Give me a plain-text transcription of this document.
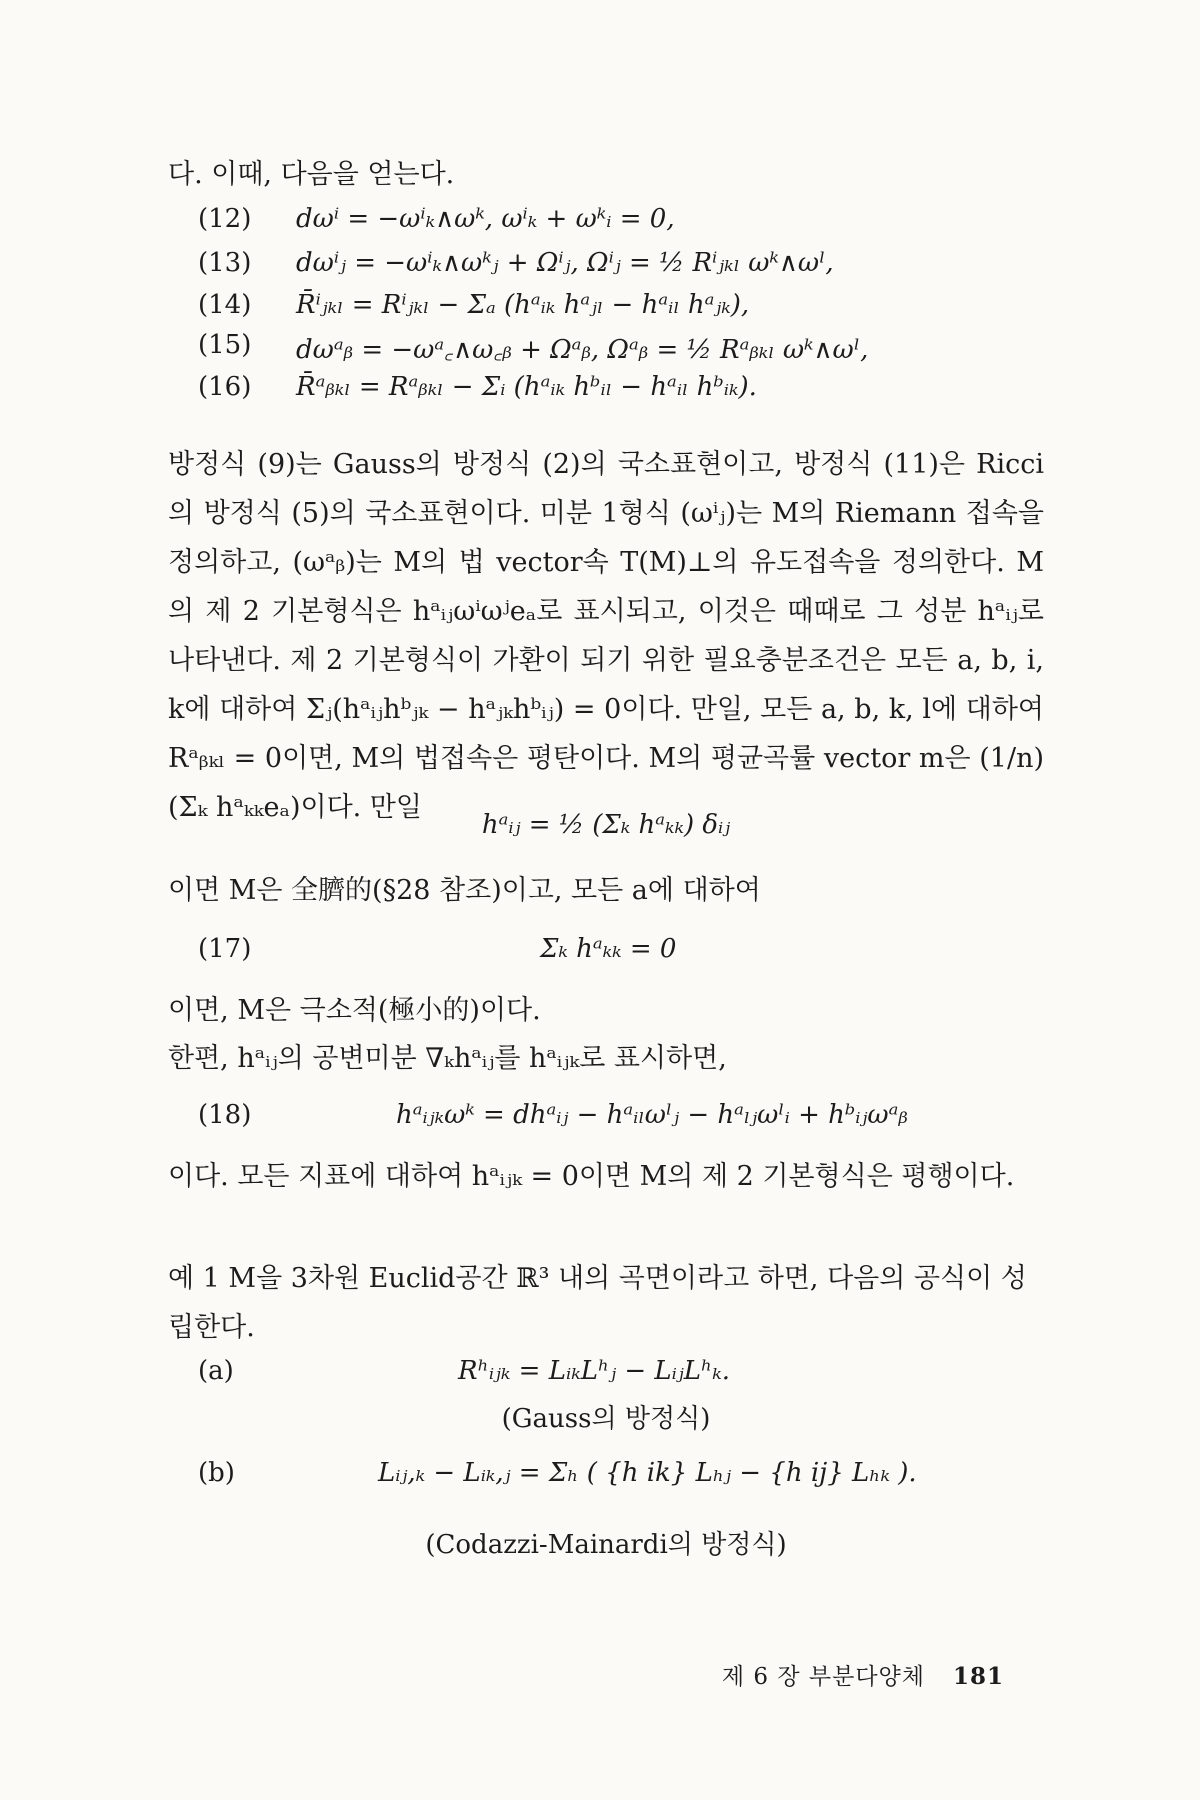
다. 이때, 다음을 얻는다.
(12) dωⁱ = −ωⁱₖ∧ωᵏ, ωⁱₖ + ωᵏᵢ = 0,
(13) dωⁱⱼ = −ωⁱₖ∧ωᵏⱼ + Ωⁱⱼ, Ωⁱⱼ = ½ Rⁱⱼₖₗ ωᵏ∧ωˡ,
(14) R̄ⁱⱼₖₗ = Rⁱⱼₖₗ − Σₐ (hᵃᵢₖ hᵃⱼₗ − hᵃᵢₗ hᵃⱼₖ),
(15) dωᵃᵦ = −ωᵃ꜀∧ω꜀ᵦ + Ωᵃᵦ, Ωᵃᵦ = ½ Rᵃᵦₖₗ ωᵏ∧ωˡ,
(16) R̄ᵃᵦₖₗ = Rᵃᵦₖₗ − Σᵢ (hᵃᵢₖ hᵇᵢₗ − hᵃᵢₗ hᵇᵢₖ).
방정식 (9)는 Gauss의 방정식 (2)의 국소표현이고, 방정식 (11)은 Ricci의 방정식 (5)의 국소표현이다. 미분 1형식 (ωⁱⱼ)는 M의 Riemann 접속을 정의하고, (ωᵃᵦ)는 M의 법 vector속 T(M)⊥의 유도접속을 정의한다. M의 제 2 기본형식은 hᵃᵢⱼωⁱωʲeₐ로 표시되고, 이것은 때때로 그 성분 hᵃᵢⱼ로 나타낸다. 제 2 기본형식이 가환이 되기 위한 필요충분조건은 모든 a, b, i, k에 대하여 Σⱼ(hᵃᵢⱼhᵇⱼₖ − hᵃⱼₖhᵇᵢⱼ) = 0이다. 만일, 모든 a, b, k, l에 대하여 Rᵃᵦₖₗ = 0이면, M의 법접속은 평탄이다. M의 평균곡률 vector m은 (1/n)(Σₖ hᵃₖₖeₐ)이다. 만일
hᵃᵢⱼ = ½ (Σₖ hᵃₖₖ) δᵢⱼ
이면 M은 全臍的(§28 참조)이고, 모든 a에 대하여
(17)	Σₖ hᵃₖₖ = 0
이면, M은 극소적(極小的)이다.
한편, hᵃᵢⱼ의 공변미분 ∇ₖhᵃᵢⱼ를 hᵃᵢⱼₖ로 표시하면,
(18)	hᵃᵢⱼₖωᵏ = dhᵃᵢⱼ − hᵃᵢₗωˡⱼ − hᵃₗⱼωˡᵢ + hᵇᵢⱼωᵃᵦ
이다. 모든 지표에 대하여 hᵃᵢⱼₖ = 0이면 M의 제 2 기본형식은 평행이다.
예 1 M을 3차원 Euclid공간 ℝ³ 내의 곡면이라고 하면, 다음의 공식이 성립한다.
(a)	Rʰᵢⱼₖ = LᵢₖLʰⱼ − LᵢⱼLʰₖ.
(Gauss의 방정식)
(b)	Lᵢⱼ,ₖ − Lᵢₖ,ⱼ = Σₕ ( {h ik} Lₕⱼ − {h ij} Lₕₖ ).
(Codazzi-Mainardi의 방정식)
제 6 장 부분다양체 181
